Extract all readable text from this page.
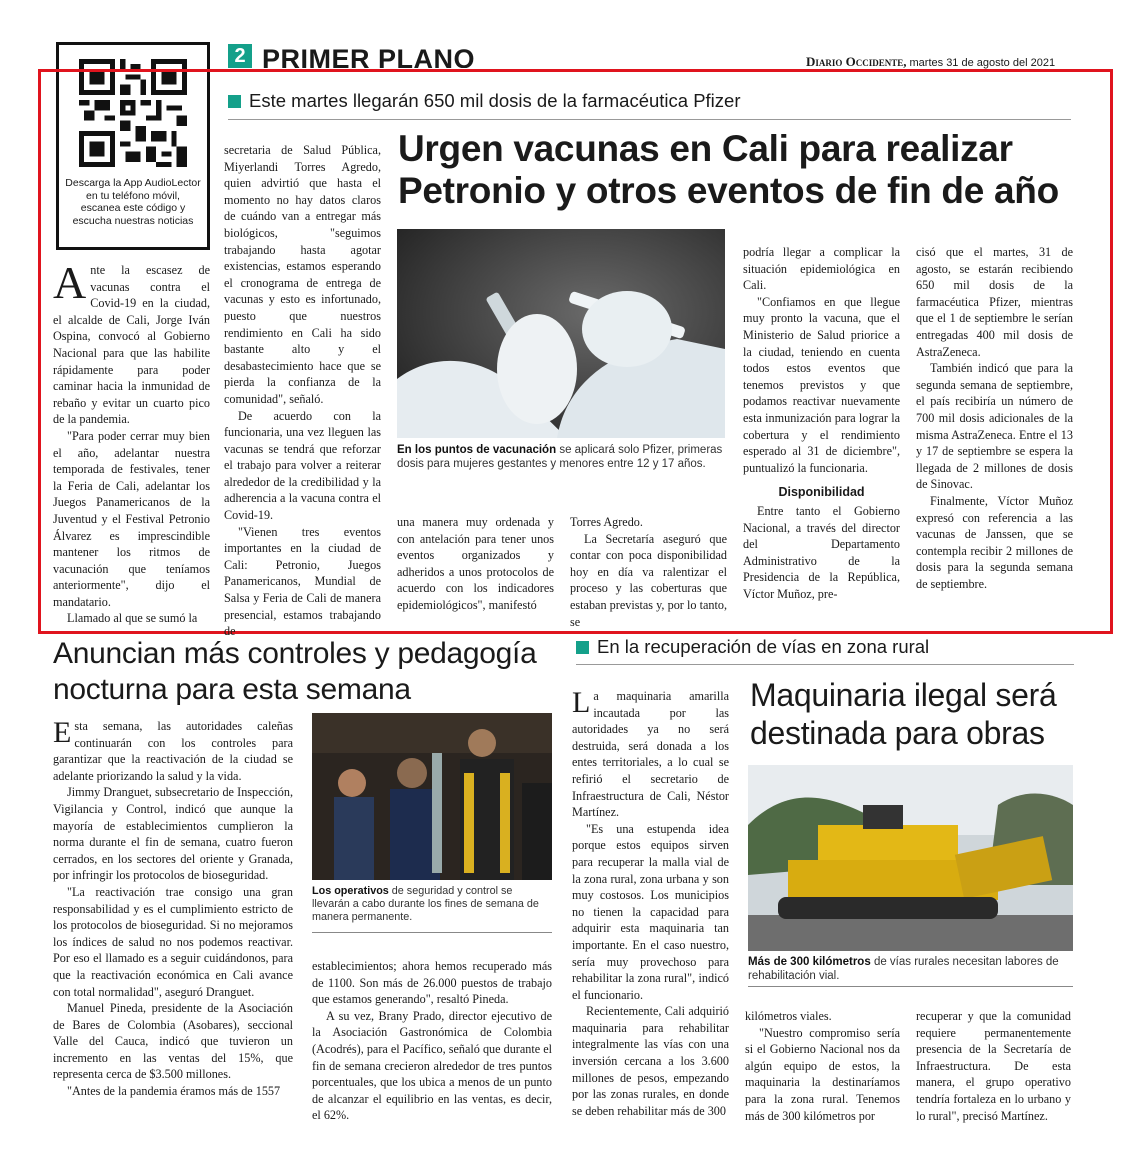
2 PRIMER PLANO	Diario Occidente, martes 31 de agosto del 2021
Descarga la App AudioLector en tu teléfono móvil, escanea este código y escucha nuestras noticias
Este martes llegarán 650 mil dosis de la farmacéutica Pfizer
Urgen vacunas en Cali para realizar Petronio y otros eventos de fin de año
En los puntos de vacunación se aplicará solo Pfizer, primeras dosis para mujeres gestantes y menores entre 12 y 17 años.

Ante la escasez de vacunas contra el Covid-19 en la ciudad, el alcalde de Cali, Jorge Iván Ospina, convocó al Gobierno Nacional para que las habilite rápidamente para poder caminar hacia la inmunidad de rebaño y evitar un cuarto pico de la pandemia.

"Para poder cerrar muy bien el año, adelantar nuestra temporada de festivales, tener la Feria de Cali, adelantar los Juegos Panamericanos de la Juventud y el Festival Petronio Álvarez es imprescindible mantener los ritmos de vacunación que teníamos anteriormente", dijo el mandatario.

Llamado al que se sumó la

secretaria de Salud Pública, Miyerlandi Torres Agredo, quien advirtió que hasta el momento no hay datos claros de cuándo van a entregar más biológicos, "seguimos trabajando hasta agotar existencias, estamos esperando el cronograma de entrega de vacunas y esto es infortunado, puesto que nuestros rendimiento en Cali ha sido bastante alto y el desabastecimiento hace que se pierda la confianza de la comunidad", señaló.

De acuerdo con la funcionaria, una vez lleguen las vacunas se tendrá que reforzar el trabajo para volver a reiterar alrededor de la credibilidad y la adherencia a la vacuna contra el Covid-19.

"Vienen tres eventos importantes en la ciudad de Cali: Petronio, Juegos Panamericanos, Mundial de Salsa y Feria de Cali de manera presencial, estamos trabajando de

una manera muy ordenada y con antelación para tener unos eventos organizados y adheridos a unos protocolos de acuerdo con los indicadores epidemiológicos", manifestó

Torres Agredo.

La Secretaría aseguró que contar con poca disponibilidad hoy en día va ralentizar el proceso y las coberturas que estaban previstas y, por lo tanto, se

podría llegar a complicar la situación epidemiológica en Cali.

"Confiamos en que llegue muy pronto la vacuna, que el Ministerio de Salud priorice a la ciudad, teniendo en cuenta todos estos eventos que tenemos previstos y que podamos reactivar nuevamente esta inmunización para lograr la cobertura y el rendimiento esperado al 31 de diciembre", puntualizó la funcionaria.

Disponibilidad

Entre tanto el Gobierno Nacional, a través del director del Departamento Administrativo de la Presidencia de la República, Víctor Muñoz, pre-

cisó que el martes, 31 de agosto, se estarán recibiendo 650 mil dosis de la farmacéutica Pfizer, mientras que el 1 de septiembre le serían entregadas 400 mil dosis de AstraZeneca.

También indicó que para la segunda semana de septiembre, el país recibiría un número de 700 mil dosis adicionales de la misma AstraZeneca. Entre el 13 y 17 de septiembre se espera la llegada de 2 millones de dosis de Sinovac.

Finalmente, Víctor Muñoz expresó con referencia a las vacunas de Janssen, que se contempla recibir 2 millones de dosis para la segunda semana de septiembre.

Anuncian más controles y pedagogía nocturna para esta semana

Esta semana, las autoridades caleñas continuarán con los controles para garantizar que la reactivación de la ciudad se adelante priorizando la salud y la vida.

Jimmy Dranguet, subsecretario de Inspección, Vigilancia y Control, indicó que aunque la mayoría de establecimientos cumplieron la norma durante el fin de semana, cuatro fueron cerrados, en los sectores del oriente y Granada, por infringir los protocolos de bioseguridad.

"La reactivación trae consigo una gran responsabilidad y es el cumplimiento estricto de los protocolos de bioseguridad. Si no mejoramos los índices de salud no nos podemos reactivar. Por eso el llamado es a seguir cuidándonos, para que la reactivación económica en Cali avance con total normalidad", aseguró Dranguet.

Manuel Pineda, presidente de la Asociación de Bares de Colombia (Asobares), seccional Valle del Cauca, indicó que tuvieron un incremento en las ventas del 15%, que representa cerca de $3.500 millones.

"Antes de la pandemia éramos más de 1557

Los operativos de seguridad y control se llevarán a cabo durante los fines de semana de manera permanente.

establecimientos; ahora hemos recuperado más de 1100. Son más de 26.000 puestos de trabajo que estamos generando", resaltó Pineda.

A su vez, Brany Prado, director ejecutivo de la Asociación Gastronómica de Colombia (Acodrés), para el Pacífico, señaló que durante el fin de semana crecieron alrededor de tres puntos porcentuales, que los ubica a menos de un punto de alcanzar el equilibrio en las ventas, es decir, el 62%.

En la recuperación de vías en zona rural

La maquinaria amarilla incautada por las autoridades ya no será destruida, será donada a los entes territoriales, a lo cual se refirió el secretario de Infraestructura de Cali, Néstor Martínez.

"Es una estupenda idea porque estos equipos sirven para recuperar la malla vial de la zona rural, zona urbana y son muy costosos. Los municipios no tienen la capacidad para adquirir esta maquinaria tan importante. En el caso nuestro, sería muy provechoso para rehabilitar la zona rural", indicó el funcionario.

Recientemente, Cali adquirió maquinaria para rehabilitar integralmente las vías con una inversión cercana a los 3.600 millones de pesos, empezando por las zonas rurales, en donde se deben rehabilitar más de 300

Maquinaria ilegal será destinada para obras
Más de 300 kilómetros de vías rurales necesitan labores de rehabilitación vial.

kilómetros viales.

"Nuestro compromiso sería si el Gobierno Nacional nos da algún equipo de estos, la maquinaria la destinaríamos para la zona rural. Tenemos más de 300 kilómetros por

recuperar y que la comunidad requiere permanentemente presencia de la Secretaría de Infraestructura. De esta manera, el grupo operativo tendría fortaleza en lo urbano y lo rural", precisó Martínez.
